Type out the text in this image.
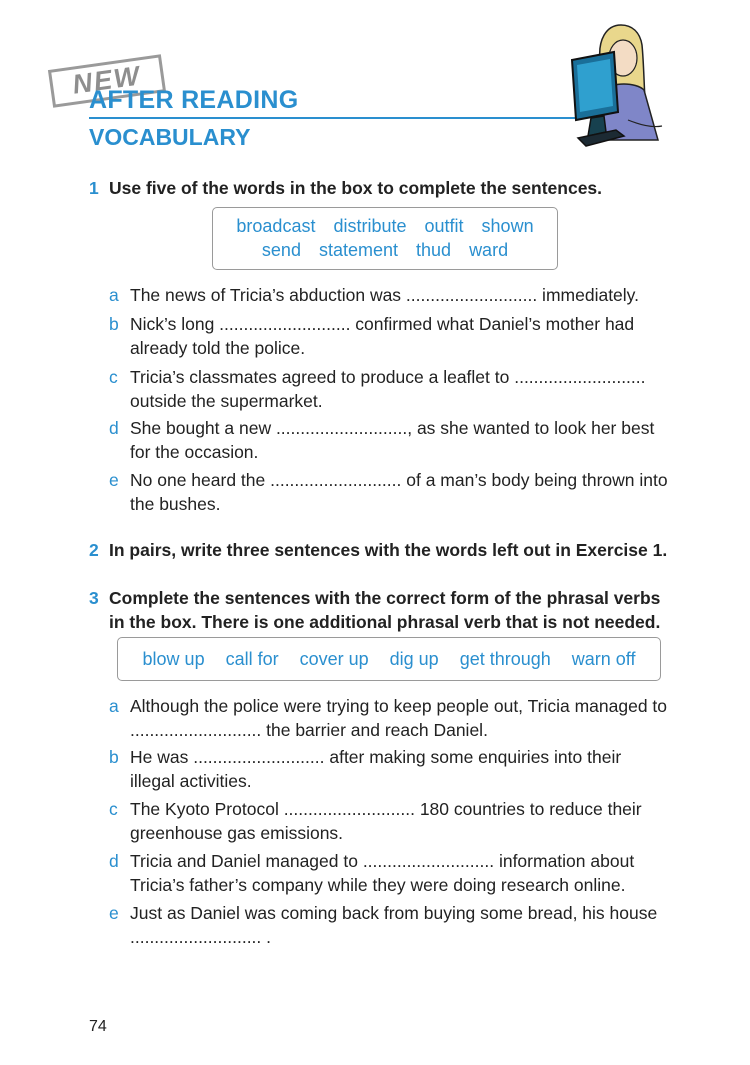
NEW
AFTER READING
VOCABULARY
1 Use five of the words in the box to complete the sentences.
broadcast distribute outfit shown
send statement thud ward
a The news of Tricia’s abduction was ........................... immediately.
b Nick’s long ........................... confirmed what Daniel’s mother had already told the police.
c Tricia’s classmates agreed to produce a leaflet to ........................... outside the supermarket.
d She bought a new ..........................., as she wanted to look her best for the occasion.
e No one heard the ........................... of a man’s body being thrown into the bushes.
2 In pairs, write three sentences with the words left out in Exercise 1.
3 Complete the sentences with the correct form of the phrasal verbs in the box. There is one additional phrasal verb that is not needed.
blow up call for cover up dig up get through warn off
a Although the police were trying to keep people out, Tricia managed to ........................... the barrier and reach Daniel.
b He was ........................... after making some enquiries into their illegal activities.
c The Kyoto Protocol ........................... 180 countries to reduce their greenhouse gas emissions.
d Tricia and Daniel managed to ........................... information about Tricia’s father’s company while they were doing research online.
e Just as Daniel was coming back from buying some bread, his house ........................... .
74
